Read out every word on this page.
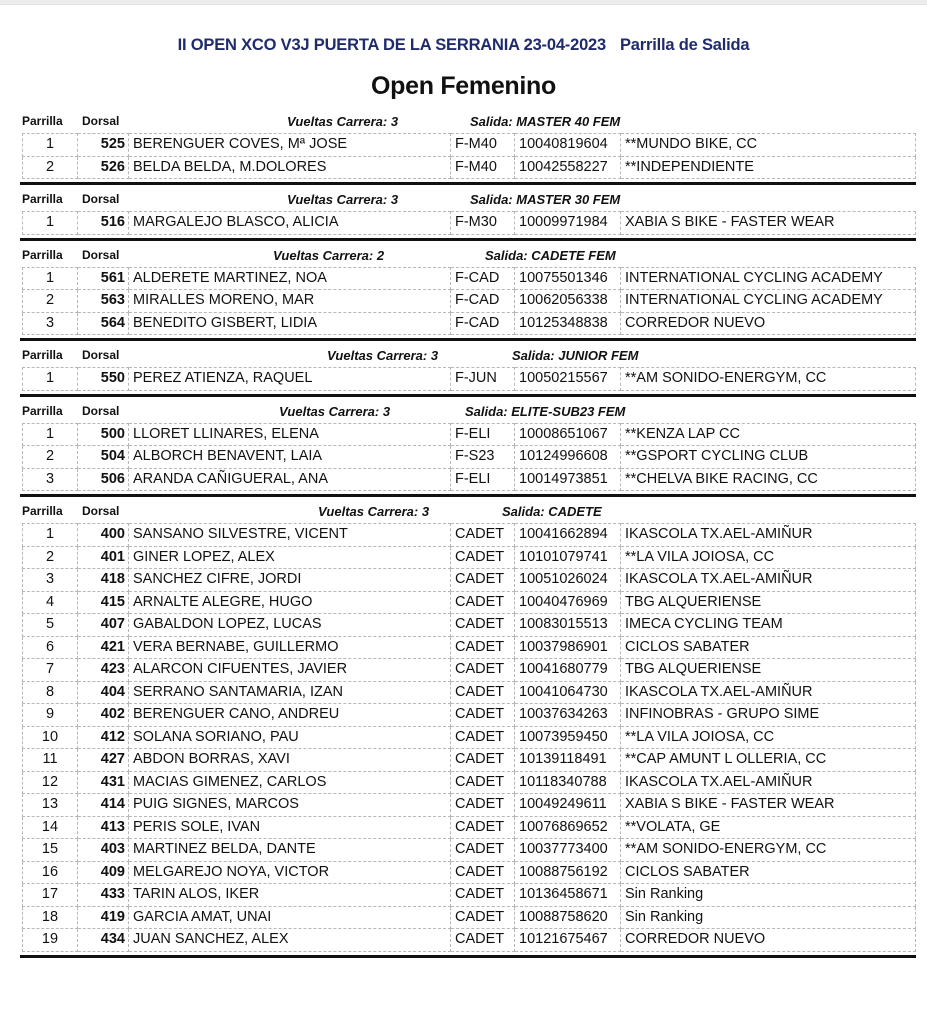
II OPEN XCO V3J PUERTA DE LA SERRANIA 23-04-2023 Parrilla de Salida
Open Femenino
Parrilla Dorsal	Vueltas Carrera: 3	Salida: MASTER 40 FEM
1	525	BERENGUER COVES, Mª JOSE	F-M40	10040819604	**MUNDO BIKE, CC
2	526	BELDA BELDA, M.DOLORES	F-M40	10042558227	**INDEPENDIENTE
Parrilla Dorsal	Vueltas Carrera: 3	Salida: MASTER 30 FEM
1	516	MARGALEJO BLASCO, ALICIA	F-M30	10009971984	XABIA S BIKE - FASTER WEAR
Parrilla Dorsal	Vueltas Carrera: 2	Salida: CADETE FEM
1	561	ALDERETE MARTINEZ, NOA	F-CAD	10075501346	INTERNATIONAL CYCLING ACADEMY
2	563	MIRALLES MORENO, MAR	F-CAD	10062056338	INTERNATIONAL CYCLING ACADEMY
3	564	BENEDITO GISBERT, LIDIA	F-CAD	10125348838	CORREDOR NUEVO
Parrilla Dorsal	Vueltas Carrera: 3	Salida: JUNIOR FEM
1	550	PEREZ ATIENZA, RAQUEL	F-JUN	10050215567	**AM SONIDO-ENERGYM, CC
Parrilla Dorsal	Vueltas Carrera: 3	Salida: ELITE-SUB23 FEM
1	500	LLORET LLINARES, ELENA	F-ELI	10008651067	**KENZA LAP CC
2	504	ALBORCH BENAVENT, LAIA	F-S23	10124996608	**GSPORT CYCLING CLUB
3	506	ARANDA CAÑIGUERAL, ANA	F-ELI	10014973851	**CHELVA BIKE RACING, CC
Parrilla Dorsal	Vueltas Carrera: 3	Salida: CADETE
1	400	SANSANO SILVESTRE, VICENT	CADET	10041662894	IKASCOLA TX.AEL-AMIÑUR
2	401	GINER LOPEZ, ALEX	CADET	10101079741	**LA VILA JOIOSA, CC
3	418	SANCHEZ CIFRE, JORDI	CADET	10051026024	IKASCOLA TX.AEL-AMIÑUR
4	415	ARNALTE ALEGRE, HUGO	CADET	10040476969	TBG ALQUERIENSE
5	407	GABALDON LOPEZ, LUCAS	CADET	10083015513	IMECA CYCLING TEAM
6	421	VERA BERNABE, GUILLERMO	CADET	10037986901	CICLOS SABATER
7	423	ALARCON CIFUENTES, JAVIER	CADET	10041680779	TBG ALQUERIENSE
8	404	SERRANO SANTAMARIA, IZAN	CADET	10041064730	IKASCOLA TX.AEL-AMIÑUR
9	402	BERENGUER CANO, ANDREU	CADET	10037634263	INFINOBRAS - GRUPO SIME
10	412	SOLANA SORIANO, PAU	CADET	10073959450	**LA VILA JOIOSA, CC
11	427	ABDON BORRAS, XAVI	CADET	10139118491	**CAP AMUNT L OLLERIA, CC
12	431	MACIAS GIMENEZ, CARLOS	CADET	10118340788	IKASCOLA TX.AEL-AMIÑUR
13	414	PUIG SIGNES, MARCOS	CADET	10049249611	XABIA S BIKE - FASTER WEAR
14	413	PERIS SOLE, IVAN	CADET	10076869652	**VOLATA, GE
15	403	MARTINEZ BELDA, DANTE	CADET	10037773400	**AM SONIDO-ENERGYM, CC
16	409	MELGAREJO NOYA, VICTOR	CADET	10088756192	CICLOS SABATER
17	433	TARIN ALOS, IKER	CADET	10136458671	Sin Ranking
18	419	GARCIA AMAT, UNAI	CADET	10088758620	Sin Ranking
19	434	JUAN SANCHEZ, ALEX	CADET	10121675467	CORREDOR NUEVO
